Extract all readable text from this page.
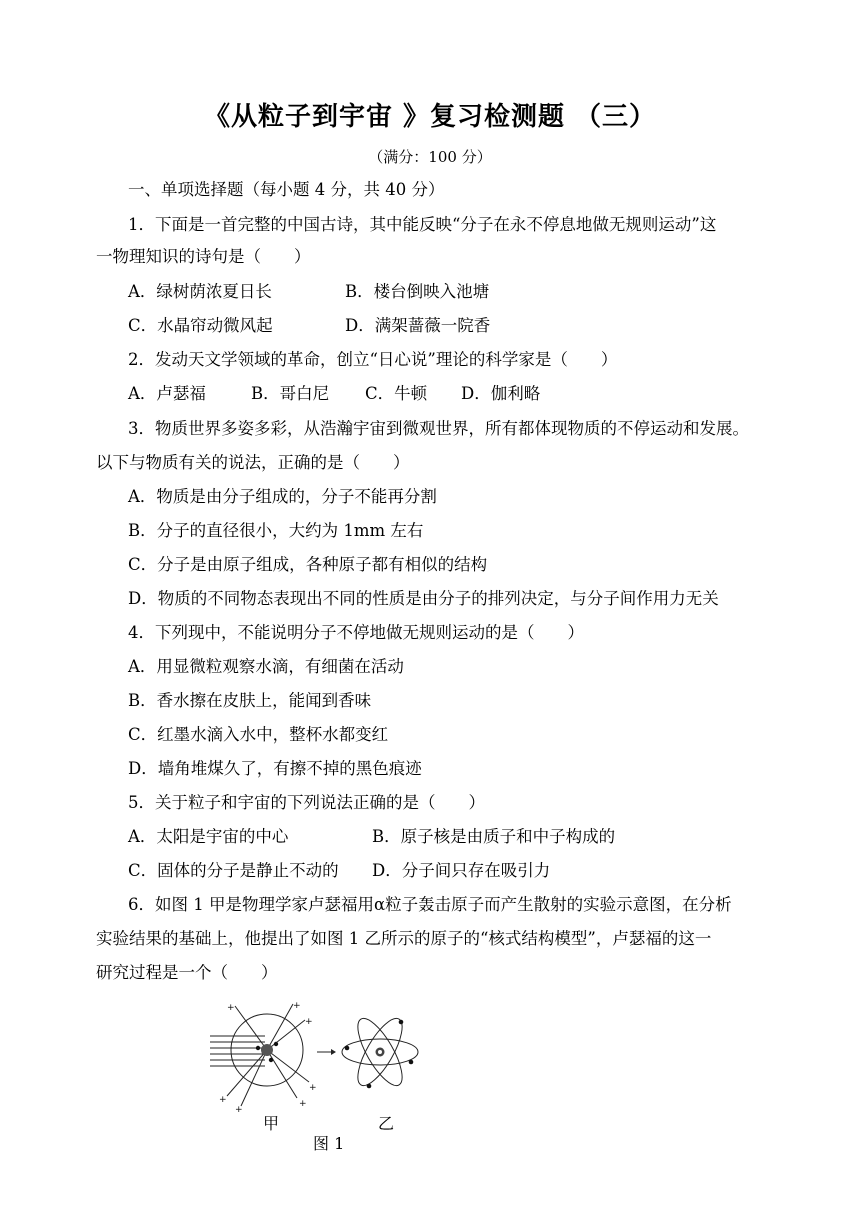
《从粒子到宇宙 》复习检测题 （三）
（满分：100 分）
一、单项选择题（每小题 4 分，共 40 分）
1．下面是一首完整的中国古诗，其中能反映“分子在永不停息地做无规则运动”这
一物理知识的诗句是（　　）
A．绿树荫浓夏日长	B．楼台倒映入池塘
C．水晶帘动微风起	D．满架蔷薇一院香
2．发动天文学领域的革命，创立“日心说”理论的科学家是（　　）
A．卢瑟福	B．哥白尼 C．牛顿 D．伽利略
3．物质世界多姿多彩，从浩瀚宇宙到微观世界，所有都体现物质的不停运动和发展。
以下与物质有关的说法，正确的是（　　）
A．物质是由分子组成的，分子不能再分割
B．分子的直径很小，大约为 1mm 左右
C．分子是由原子组成，各种原子都有相似的结构
D．物质的不同物态表现出不同的性质是由分子的排列决定，与分子间作用力无关
4．下列现中，不能说明分子不停地做无规则运动的是（　　）
A．用显微粒观察水滴，有细菌在活动
B．香水擦在皮肤上，能闻到香味
C．红墨水滴入水中，整杯水都变红
D．墙角堆煤久了，有擦不掉的黑色痕迹
5．关于粒子和宇宙的下列说法正确的是（　　）
A．太阳是宇宙的中心	B．原子核是由质子和中子构成的
C．固体的分子是静止不动的 D．分子间只存在吸引力
6．如图 1 甲是物理学家卢瑟福用α粒子轰击原子而产生散射的实验示意图，在分析
实验结果的基础上，他提出了如图 1 乙所示的原子的“核式结构模型”，卢瑟福的这一
研究过程是一个（　　）
+	+
+
+
+
+
+
甲	乙
图 1
